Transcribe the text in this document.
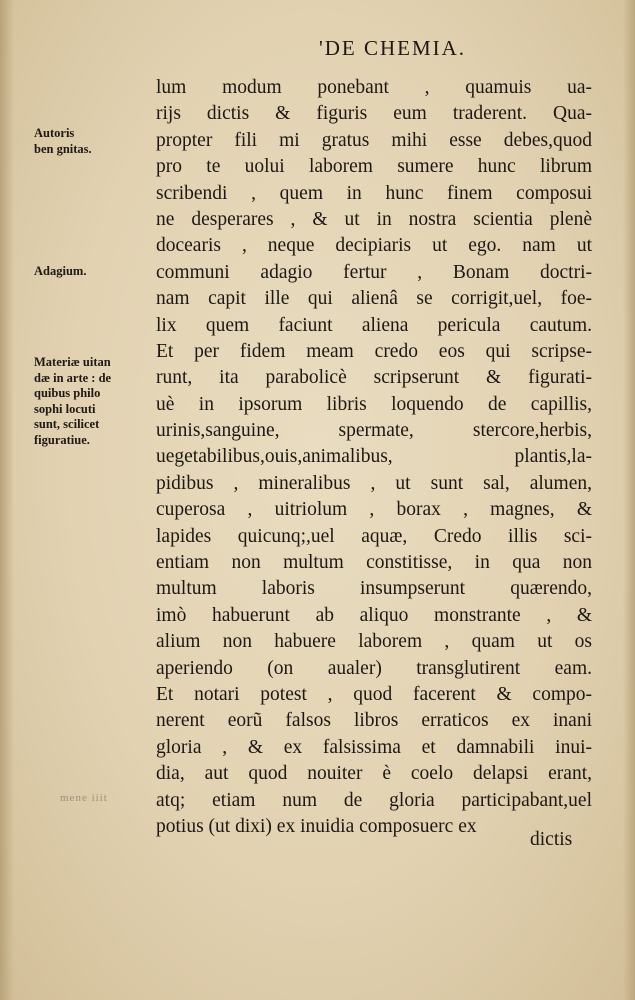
'DE CHEMIA.
Autoris
ben gnitas.
Adagium.
Materiæ uitan
dæ in arte : de
quibus philo
sophi locuti
sunt, scilicet
figuratiue.
mene iiit
lum modum ponebant , quamuis ua-
rijs dictis & figuris eum traderent. Qua-
propter fili mi gratus mihi esse debes,quod
pro te uolui laborem sumere hunc librum
scribendi , quem in hunc finem composui
ne desperares , & ut in nostra scientia plenè
docearis , neque decipiaris ut ego. nam ut
communi adagio fertur , Bonam doctri-
nam capit ille qui alienâ se corrigit,uel, foe-
lix quem faciunt aliena pericula cautum.
Et per fidem meam credo eos qui scripse-
runt, ita parabolicè scripserunt & figurati-
uè in ipsorum libris loquendo de capillis,
urinis,sanguine, spermate, stercore,herbis,
uegetabilibus,ouis,animalibus, plantis,la-
pidibus , mineralibus , ut sunt sal, alumen,
cuperosa , uitriolum , borax , magnes, &
lapides quicunq;,uel aquæ, Credo illis sci-
entiam non multum constitisse, in qua non
multum laboris insumpserunt quærendo,
imò habuerunt ab aliquo monstrante , &
alium non habuere laborem , quam ut os
aperiendo (on aualer) transglutirent eam.
Et notari potest , quod facerent & compo-
nerent eorũ falsos libros erraticos ex inani
gloria , & ex falsissima et damnabili inui-
dia, aut quod nouiter è coelo delapsi erant,
atq; etiam num de gloria participabant,uel
potius (ut dixi) ex inuidia composuerc ex
dictis
